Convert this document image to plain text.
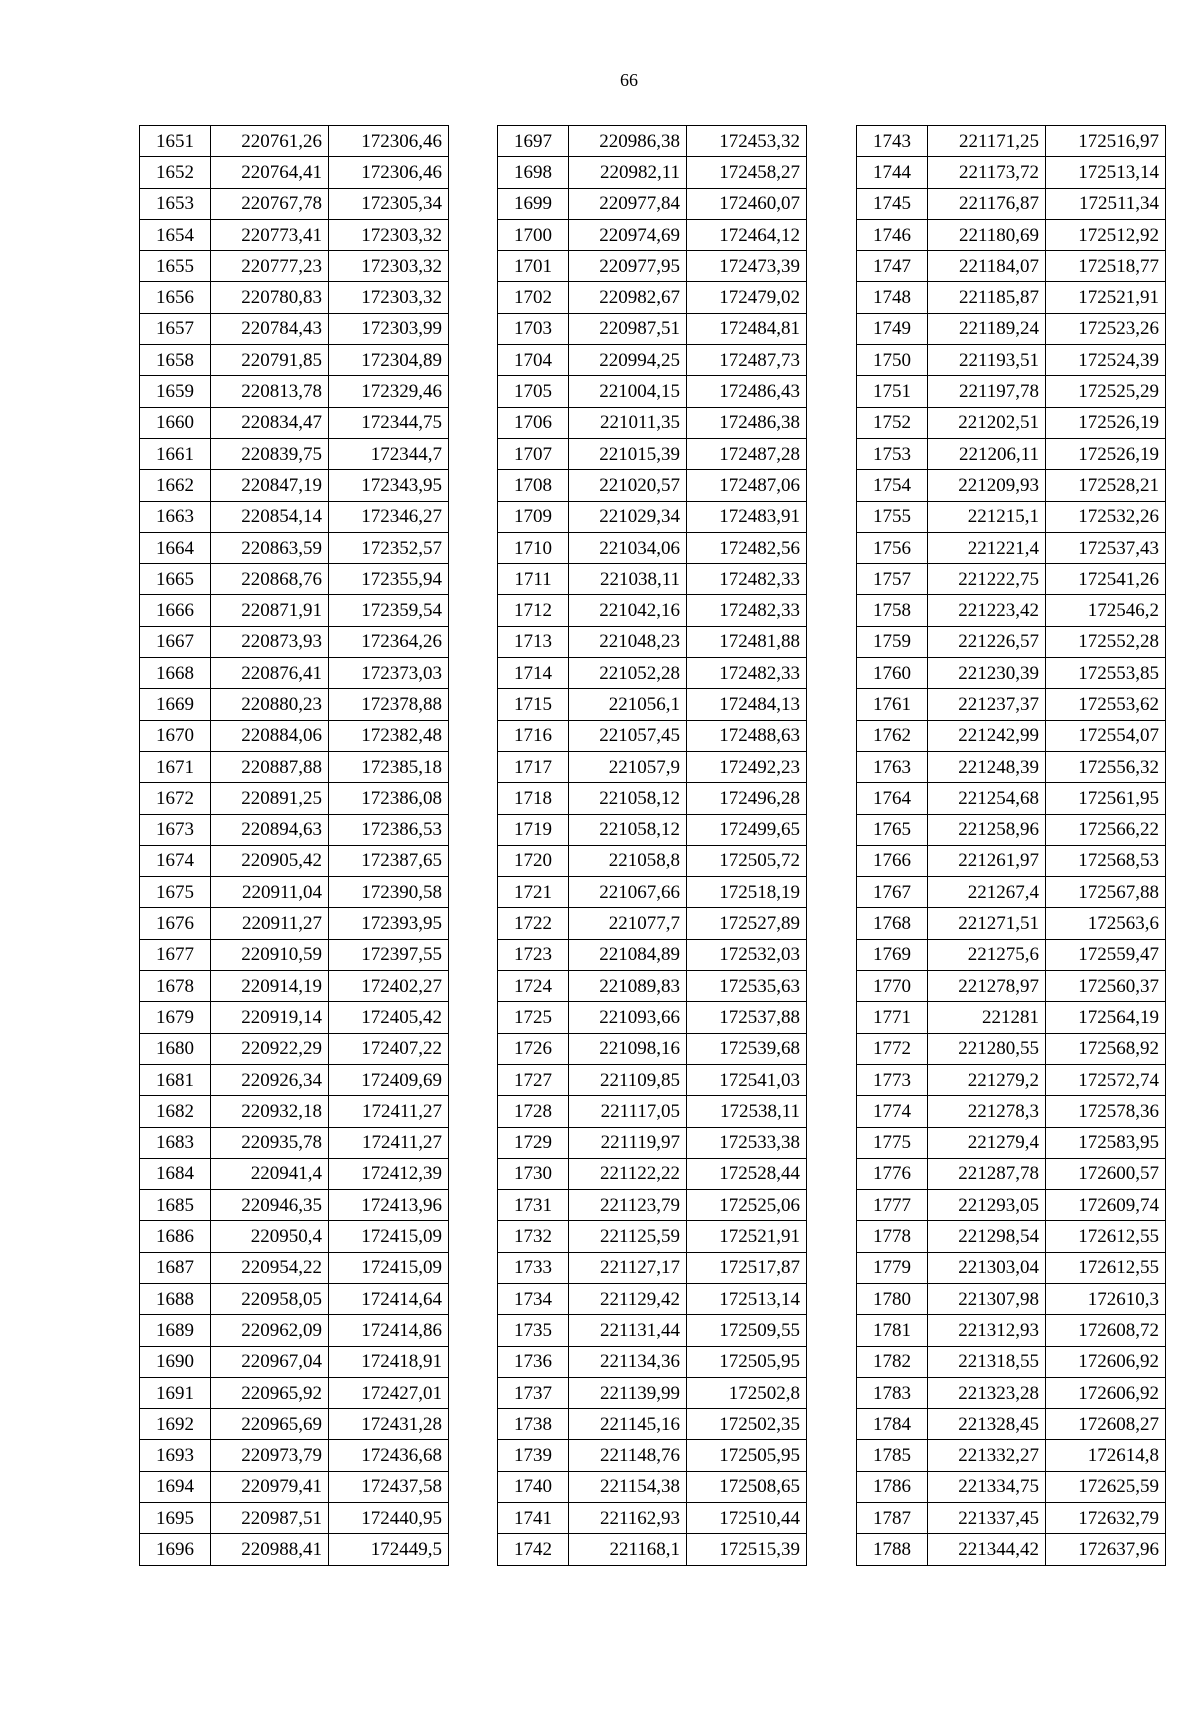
66
1651	220761,26	172306,46
1652	220764,41	172306,46
1653	220767,78	172305,34
1654	220773,41	172303,32
1655	220777,23	172303,32
1656	220780,83	172303,32
1657	220784,43	172303,99
1658	220791,85	172304,89
1659	220813,78	172329,46
1660	220834,47	172344,75
1661	220839,75	172344,7
1662	220847,19	172343,95
1663	220854,14	172346,27
1664	220863,59	172352,57
1665	220868,76	172355,94
1666	220871,91	172359,54
1667	220873,93	172364,26
1668	220876,41	172373,03
1669	220880,23	172378,88
1670	220884,06	172382,48
1671	220887,88	172385,18
1672	220891,25	172386,08
1673	220894,63	172386,53
1674	220905,42	172387,65
1675	220911,04	172390,58
1676	220911,27	172393,95
1677	220910,59	172397,55
1678	220914,19	172402,27
1679	220919,14	172405,42
1680	220922,29	172407,22
1681	220926,34	172409,69
1682	220932,18	172411,27
1683	220935,78	172411,27
1684	220941,4	172412,39
1685	220946,35	172413,96
1686	220950,4	172415,09
1687	220954,22	172415,09
1688	220958,05	172414,64
1689	220962,09	172414,86
1690	220967,04	172418,91
1691	220965,92	172427,01
1692	220965,69	172431,28
1693	220973,79	172436,68
1694	220979,41	172437,58
1695	220987,51	172440,95
1696	220988,41	172449,5
1697	220986,38	172453,32
1698	220982,11	172458,27
1699	220977,84	172460,07
1700	220974,69	172464,12
1701	220977,95	172473,39
1702	220982,67	172479,02
1703	220987,51	172484,81
1704	220994,25	172487,73
1705	221004,15	172486,43
1706	221011,35	172486,38
1707	221015,39	172487,28
1708	221020,57	172487,06
1709	221029,34	172483,91
1710	221034,06	172482,56
1711	221038,11	172482,33
1712	221042,16	172482,33
1713	221048,23	172481,88
1714	221052,28	172482,33
1715	221056,1	172484,13
1716	221057,45	172488,63
1717	221057,9	172492,23
1718	221058,12	172496,28
1719	221058,12	172499,65
1720	221058,8	172505,72
1721	221067,66	172518,19
1722	221077,7	172527,89
1723	221084,89	172532,03
1724	221089,83	172535,63
1725	221093,66	172537,88
1726	221098,16	172539,68
1727	221109,85	172541,03
1728	221117,05	172538,11
1729	221119,97	172533,38
1730	221122,22	172528,44
1731	221123,79	172525,06
1732	221125,59	172521,91
1733	221127,17	172517,87
1734	221129,42	172513,14
1735	221131,44	172509,55
1736	221134,36	172505,95
1737	221139,99	172502,8
1738	221145,16	172502,35
1739	221148,76	172505,95
1740	221154,38	172508,65
1741	221162,93	172510,44
1742	221168,1	172515,39
1743	221171,25	172516,97
1744	221173,72	172513,14
1745	221176,87	172511,34
1746	221180,69	172512,92
1747	221184,07	172518,77
1748	221185,87	172521,91
1749	221189,24	172523,26
1750	221193,51	172524,39
1751	221197,78	172525,29
1752	221202,51	172526,19
1753	221206,11	172526,19
1754	221209,93	172528,21
1755	221215,1	172532,26
1756	221221,4	172537,43
1757	221222,75	172541,26
1758	221223,42	172546,2
1759	221226,57	172552,28
1760	221230,39	172553,85
1761	221237,37	172553,62
1762	221242,99	172554,07
1763	221248,39	172556,32
1764	221254,68	172561,95
1765	221258,96	172566,22
1766	221261,97	172568,53
1767	221267,4	172567,88
1768	221271,51	172563,6
1769	221275,6	172559,47
1770	221278,97	172560,37
1771	221281	172564,19
1772	221280,55	172568,92
1773	221279,2	172572,74
1774	221278,3	172578,36
1775	221279,4	172583,95
1776	221287,78	172600,57
1777	221293,05	172609,74
1778	221298,54	172612,55
1779	221303,04	172612,55
1780	221307,98	172610,3
1781	221312,93	172608,72
1782	221318,55	172606,92
1783	221323,28	172606,92
1784	221328,45	172608,27
1785	221332,27	172614,8
1786	221334,75	172625,59
1787	221337,45	172632,79
1788	221344,42	172637,96
